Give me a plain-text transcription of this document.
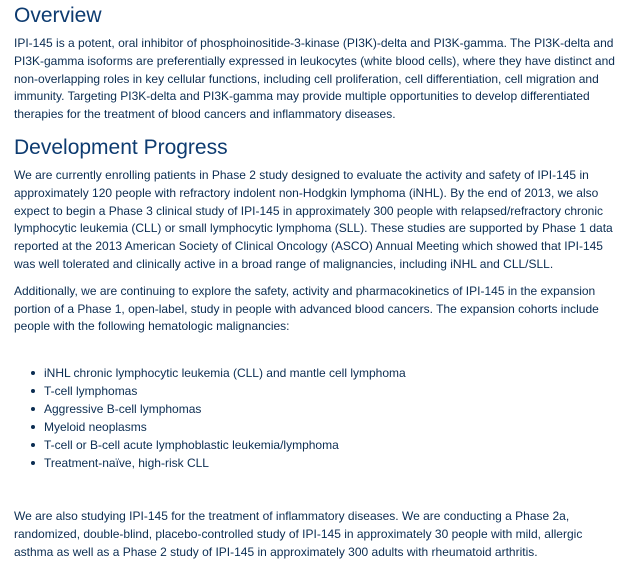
Overview

IPI-145 is a potent, oral inhibitor of phosphoinositide-3-kinase (PI3K)-delta and PI3K-gamma. The PI3K-delta and PI3K-gamma isoforms are preferentially expressed in leukocytes (white blood cells), where they have distinct and non-overlapping roles in key cellular functions, including cell proliferation, cell differentiation, cell migration and immunity. Targeting PI3K-delta and PI3K-gamma may provide multiple opportunities to develop differentiated therapies for the treatment of blood cancers and inflammatory diseases.

Development Progress

We are currently enrolling patients in Phase 2 study designed to evaluate the activity and safety of IPI-145 in approximately 120 people with refractory indolent non-Hodgkin lymphoma (iNHL). By the end of 2013, we also expect to begin a Phase 3 clinical study of IPI-145 in approximately 300 people with relapsed/refractory chronic lymphocytic leukemia (CLL) or small lymphocytic lymphoma (SLL). These studies are supported by Phase 1 data reported at the 2013 American Society of Clinical Oncology (ASCO) Annual Meeting which showed that IPI-145 was well tolerated and clinically active in a broad range of malignancies, including iNHL and CLL/SLL.

Additionally, we are continuing to explore the safety, activity and pharmacokinetics of IPI-145 in the expansion portion of a Phase 1, open-label, study in people with advanced blood cancers. The expansion cohorts include people with the following hematologic malignancies:

iNHL chronic lymphocytic leukemia (CLL) and mantle cell lymphoma
T-cell lymphomas
Aggressive B-cell lymphomas
Myeloid neoplasms
T-cell or B-cell acute lymphoblastic leukemia/lymphoma
Treatment-naïve, high-risk CLL

We are also studying IPI-145 for the treatment of inflammatory diseases. We are conducting a Phase 2a, randomized, double-blind, placebo-controlled study of IPI-145 in approximately 30 people with mild, allergic asthma as well as a Phase 2 study of IPI-145 in approximately 300 adults with rheumatoid arthritis.
